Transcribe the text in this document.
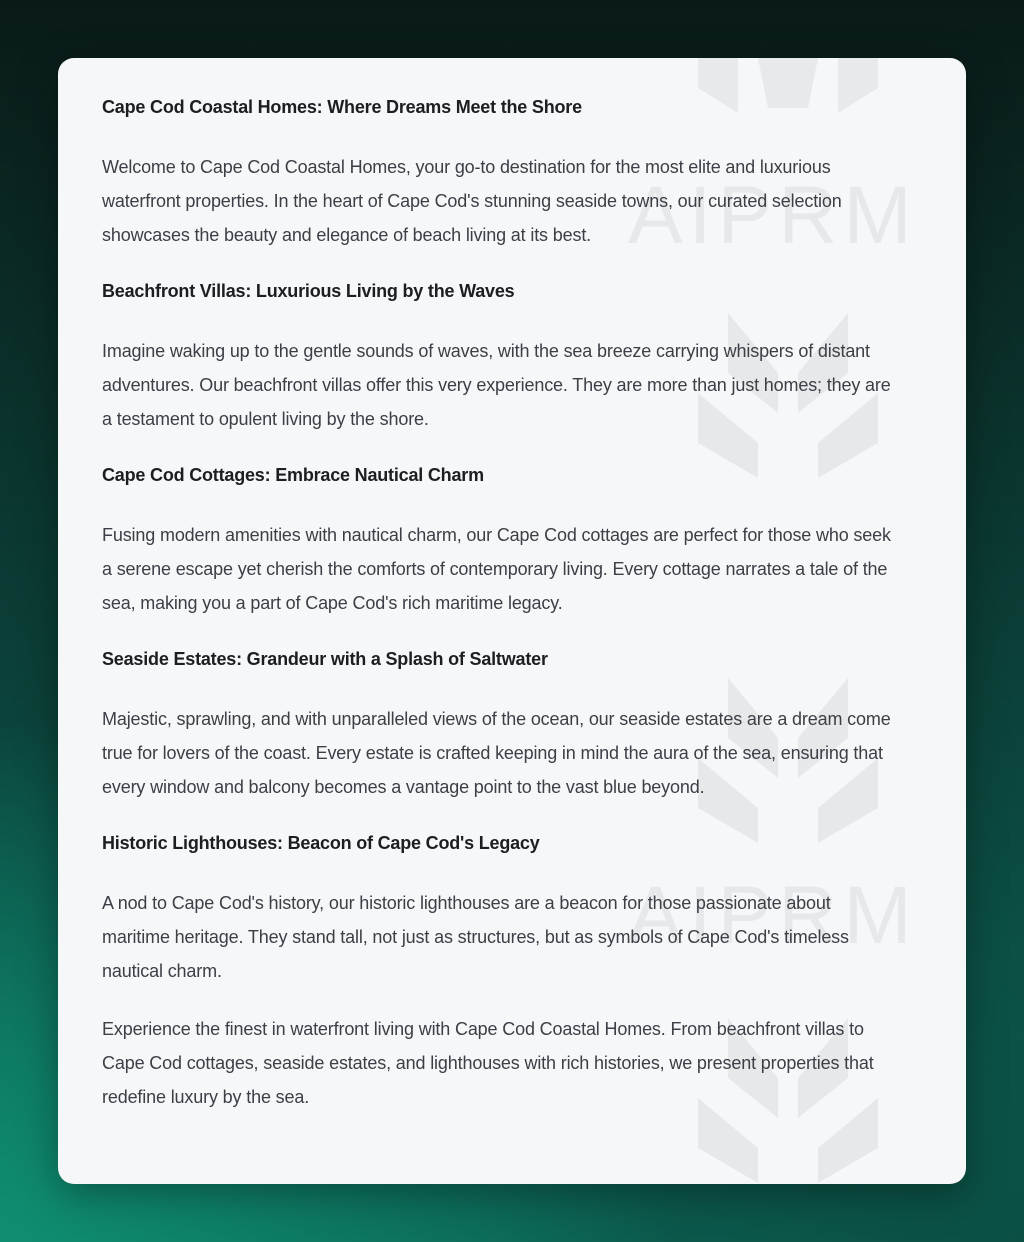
AIPRM
AIPRM
Cape Cod Coastal Homes: Where Dreams Meet the Shore

Welcome to Cape Cod Coastal Homes, your go-to destination for the most elite and luxurious waterfront properties. In the heart of Cape Cod's stunning seaside towns, our curated selection showcases the beauty and elegance of beach living at its best.

Beachfront Villas: Luxurious Living by the Waves

Imagine waking up to the gentle sounds of waves, with the sea breeze carrying whispers of distant adventures. Our beachfront villas offer this very experience. They are more than just homes; they are a testament to opulent living by the shore.

Cape Cod Cottages: Embrace Nautical Charm

Fusing modern amenities with nautical charm, our Cape Cod cottages are perfect for those who seek a serene escape yet cherish the comforts of contemporary living. Every cottage narrates a tale of the sea, making you a part of Cape Cod's rich maritime legacy.

Seaside Estates: Grandeur with a Splash of Saltwater

Majestic, sprawling, and with unparalleled views of the ocean, our seaside estates are a dream come true for lovers of the coast. Every estate is crafted keeping in mind the aura of the sea, ensuring that every window and balcony becomes a vantage point to the vast blue beyond.

Historic Lighthouses: Beacon of Cape Cod's Legacy

A nod to Cape Cod's history, our historic lighthouses are a beacon for those passionate about maritime heritage. They stand tall, not just as structures, but as symbols of Cape Cod's timeless nautical charm.

Experience the finest in waterfront living with Cape Cod Coastal Homes. From beachfront villas to Cape Cod cottages, seaside estates, and lighthouses with rich histories, we present properties that redefine luxury by the sea.
